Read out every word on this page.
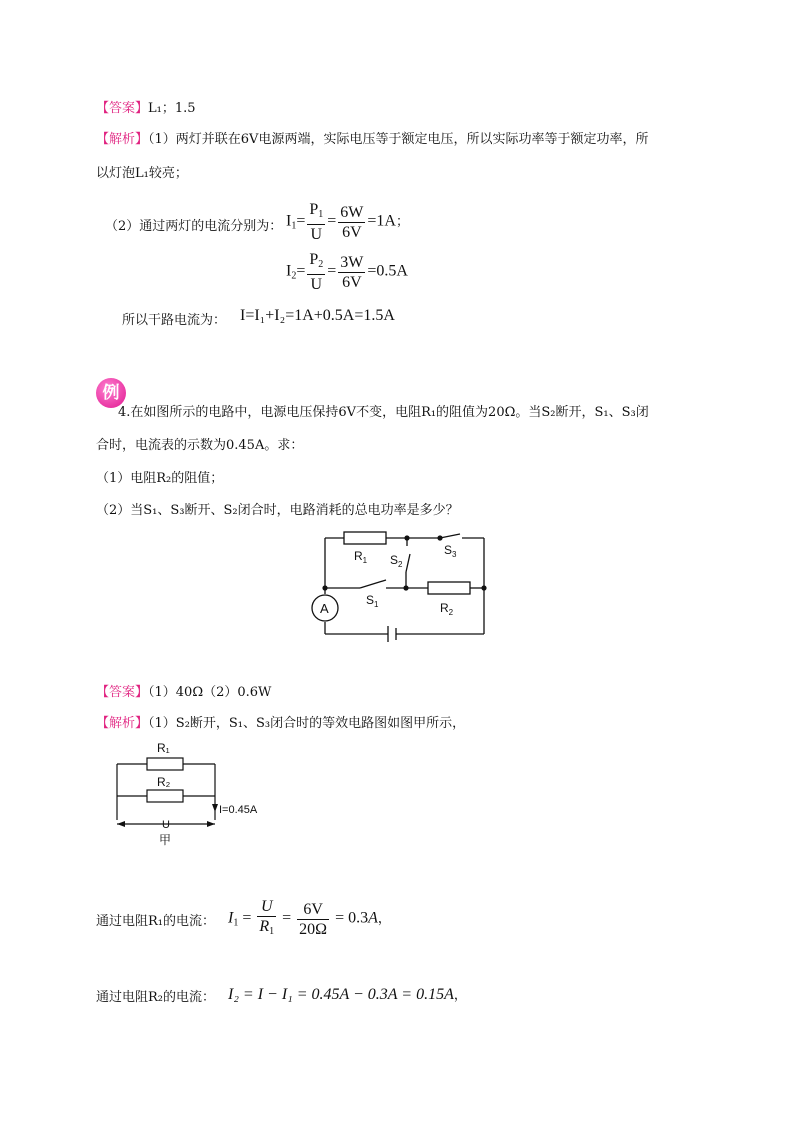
【答案】L₁；1.5
【解析】（1）两灯并联在6V电源两端，实际电压等于额定电压，所以实际功率等于额定功率，所
以灯泡L₁较亮；
（2）通过两灯的电流分别为： $I_1= \frac{P_1}{U} = \frac{6W}{6V} =1A$；
$I_2= \frac{P_2}{U} = \frac{3W}{6V} =0.5A$
所以干路电流为： I=I₁+I₂=1A+0.5A=1.5A
例
4.在如图所示的电路中，电源电压保持6V不变，电阻R₁的阻值为20Ω。当S₂断开，S₁、S₃闭
合时，电流表的示数为0.45A。求：
（1）电阻R₂的阻值；
（2）当S₁、S₃断开、S₂闭合时，电路消耗的总电功率是多少？
A
$R_1$ $S_2$
$S_3$
$S_1$	$R_2$
【答案】（1）40Ω（2）0.6W
【解析】（1）S₂断开，S₁、S₃闭合时的等效电路图如图甲所示，
R₁
R₂
I=0.45A
U
甲
通过电阻R₁的电流： $I_1 = \frac{U}{R_1} = \frac{6V}{20\Omega} = 0.3A$，
通过电阻R₂的电流： I₂ = I − I₁ = 0.45A − 0.3A = 0.15A，
